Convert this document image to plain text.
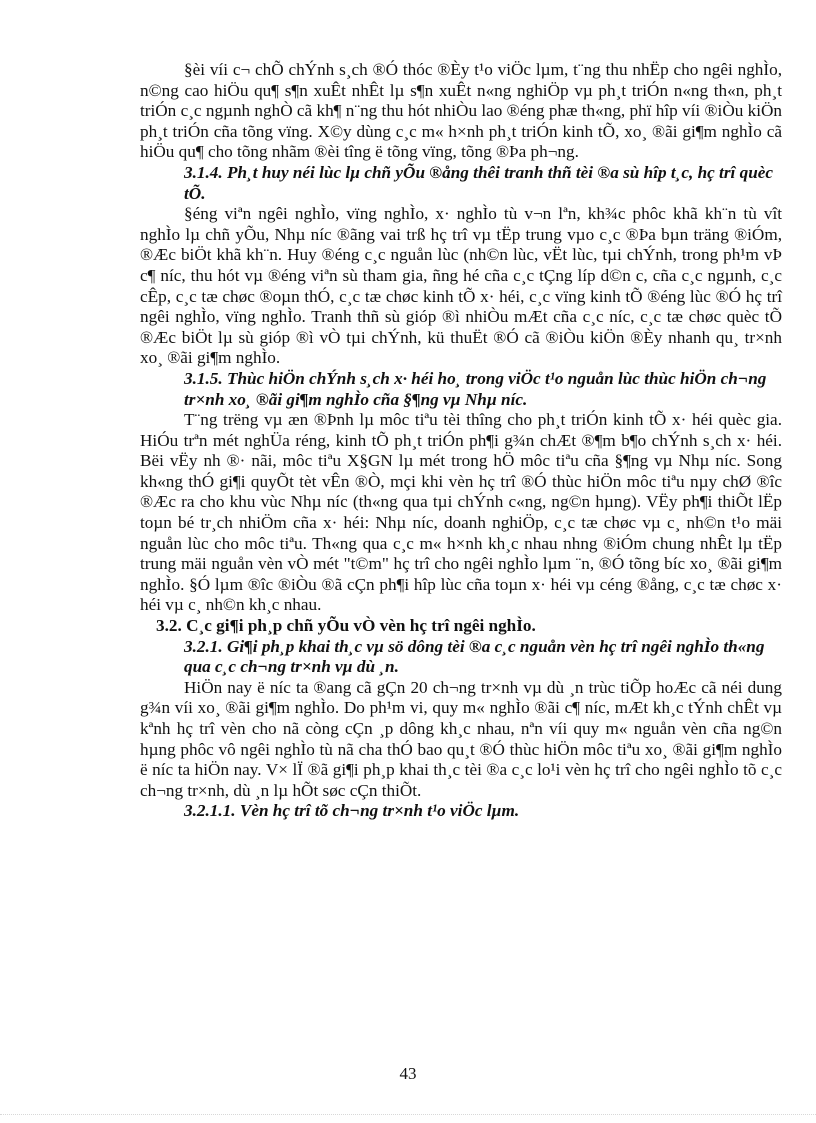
§èi víi c¬ chÕ chÝnh s¸ch ®Ó thóc ®Èy t¹o viÖc lµm, t¨ng thu nhËp cho ngêi nghÌo, n©ng cao hiÖu qu¶ s¶n xuÊt nhÊt lµ s¶n xuÊt n«ng nghiÖp vµ ph¸t triÓn n«ng th«n, ph¸t triÓn c¸c ngµnh nghÒ cã kh¶ n¨ng thu hót nhiÒu lao ®éng phæ th«ng, phï hîp víi ®iÒu kiÖn ph¸t triÓn cña tõng vïng. X©y dùng c¸c m« h×nh ph¸t triÓn kinh tÕ, xo¸ ®ãi gi¶m nghÌo cã hiÖu qu¶ cho tõng nhãm ®èi tîng ë tõng vïng, tõng ®Þa ph¬ng.

3.1.4. Ph¸t huy néi lùc lµ chñ yÕu ®ång thêi tranh thñ tèi ®a sù hîp t¸c, hç trî quèc tÕ.

§éng viªn ngêi nghÌo, vïng nghÌo, x· nghÌo tù v¬n lªn, kh¾c phôc khã kh¨n tù vît nghÌo lµ chñ yÕu, Nhµ níc ®ãng vai trß hç trî vµ tËp trung vµo c¸c ®Þa bµn träng ®iÓm, ®Æc biÖt khã kh¨n. Huy ®éng c¸c nguån lùc (nh©n lùc, vËt lùc, tµi chÝnh, trong ph¹m vÞ c¶ níc, thu hót vµ ®éng viªn sù tham gia, ñng hé cña c¸c tÇng líp d©n c, cña c¸c ngµnh, c¸c cÊp, c¸c tæ chøc ®oµn thÓ, c¸c tæ chøc kinh tÕ x· héi, c¸c vïng kinh tÕ ®éng lùc ®Ó hç trî ngêi nghÌo, vïng nghÌo. Tranh thñ sù gióp ®ì nhiÒu mÆt cña c¸c níc, c¸c tæ chøc quèc tÕ ®Æc biÖt lµ sù gióp ®ì vÒ tµi chÝnh, kü thuËt ®Ó cã ®iÒu kiÖn ®Èy nhanh qu¸ tr×nh xo¸ ®ãi gi¶m nghÌo.

3.1.5. Thùc hiÖn chÝnh s¸ch x· héi ho¸ trong viÖc t¹o nguån lùc thùc hiÖn ch¬ng tr×nh xo¸ ®ãi gi¶m nghÌo cña §¶ng vµ Nhµ níc.

T¨ng trëng vµ æn ®Þnh lµ môc tiªu tèi thîng cho ph¸t triÓn kinh tÕ x· héi quèc gia. HiÓu trªn mét nghÜa réng, kinh tÕ ph¸t triÓn ph¶i g¾n chÆt ®¶m b¶o chÝnh s¸ch x· héi. Bëi vËy nh ®· nãi, môc tiªu X§GN lµ mét trong hÖ môc tiªu cña §¶ng vµ Nhµ níc. Song kh«ng thÓ gi¶i quyÕt tèt vÊn ®Ò, mçi khi vèn hç trî ®Ó thùc hiÖn môc tiªu nµy chØ ®îc ®Æc ra cho khu vùc Nhµ níc (th«ng qua tµi chÝnh c«ng, ng©n hµng). VËy ph¶i thiÕt lËp toµn bé tr¸ch nhiÖm cña x· héi: Nhµ níc, doanh nghiÖp, c¸c tæ chøc vµ c¸ nh©n t¹o mäi nguån lùc cho môc tiªu. Th«ng qua c¸c m« h×nh kh¸c nhau nhng ®iÓm chung nhÊt lµ tËp trung mäi nguån vèn vÒ mét "t©m" hç trî cho ngêi nghÌo lµm ¨n, ®Ó tõng bíc xo¸ ®ãi gi¶m nghÌo. §Ó lµm ®îc ®iÒu ®ã cÇn ph¶i hîp lùc cña toµn x· héi vµ céng ®ång, c¸c tæ chøc x· héi vµ c¸ nh©n kh¸c nhau.

3.2. C¸c gi¶i ph¸p chñ yÕu vÒ vèn hç trî ngêi nghÌo.
3.2.1. Gi¶i ph¸p khai th¸c vµ sö dông tèi ®a c¸c nguån vèn hç trî ngêi nghÌo th«ng qua c¸c ch¬ng tr×nh vµ dù ¸n.

HiÖn nay ë níc ta ®ang cã gÇn 20 ch¬ng tr×nh vµ dù ¸n trùc tiÕp hoÆc cã néi dung g¾n víi xo¸ ®ãi gi¶m nghÌo. Do ph¹m vi, quy m« nghÌo ®ãi c¶ níc, mÆt kh¸c tÝnh chÊt vµ kªnh hç trî vèn cho nã còng cÇn ¸p dông kh¸c nhau, nªn víi quy m« nguån vèn cña ng©n hµng phôc vô ngêi nghÌo tù nã cha thÓ bao qu¸t ®Ó thùc hiÖn môc tiªu xo¸ ®ãi gi¶m nghÌo ë níc ta hiÖn nay. V× lÏ ®ã gi¶i ph¸p khai th¸c tèi ®a c¸c lo¹i vèn hç trî cho ngêi nghÌo tõ c¸c ch¬ng tr×nh, dù ¸n lµ hÕt søc cÇn thiÕt.

3.2.1.1. Vèn hç trî tõ ch¬ng tr×nh t¹o viÖc lµm.
43
